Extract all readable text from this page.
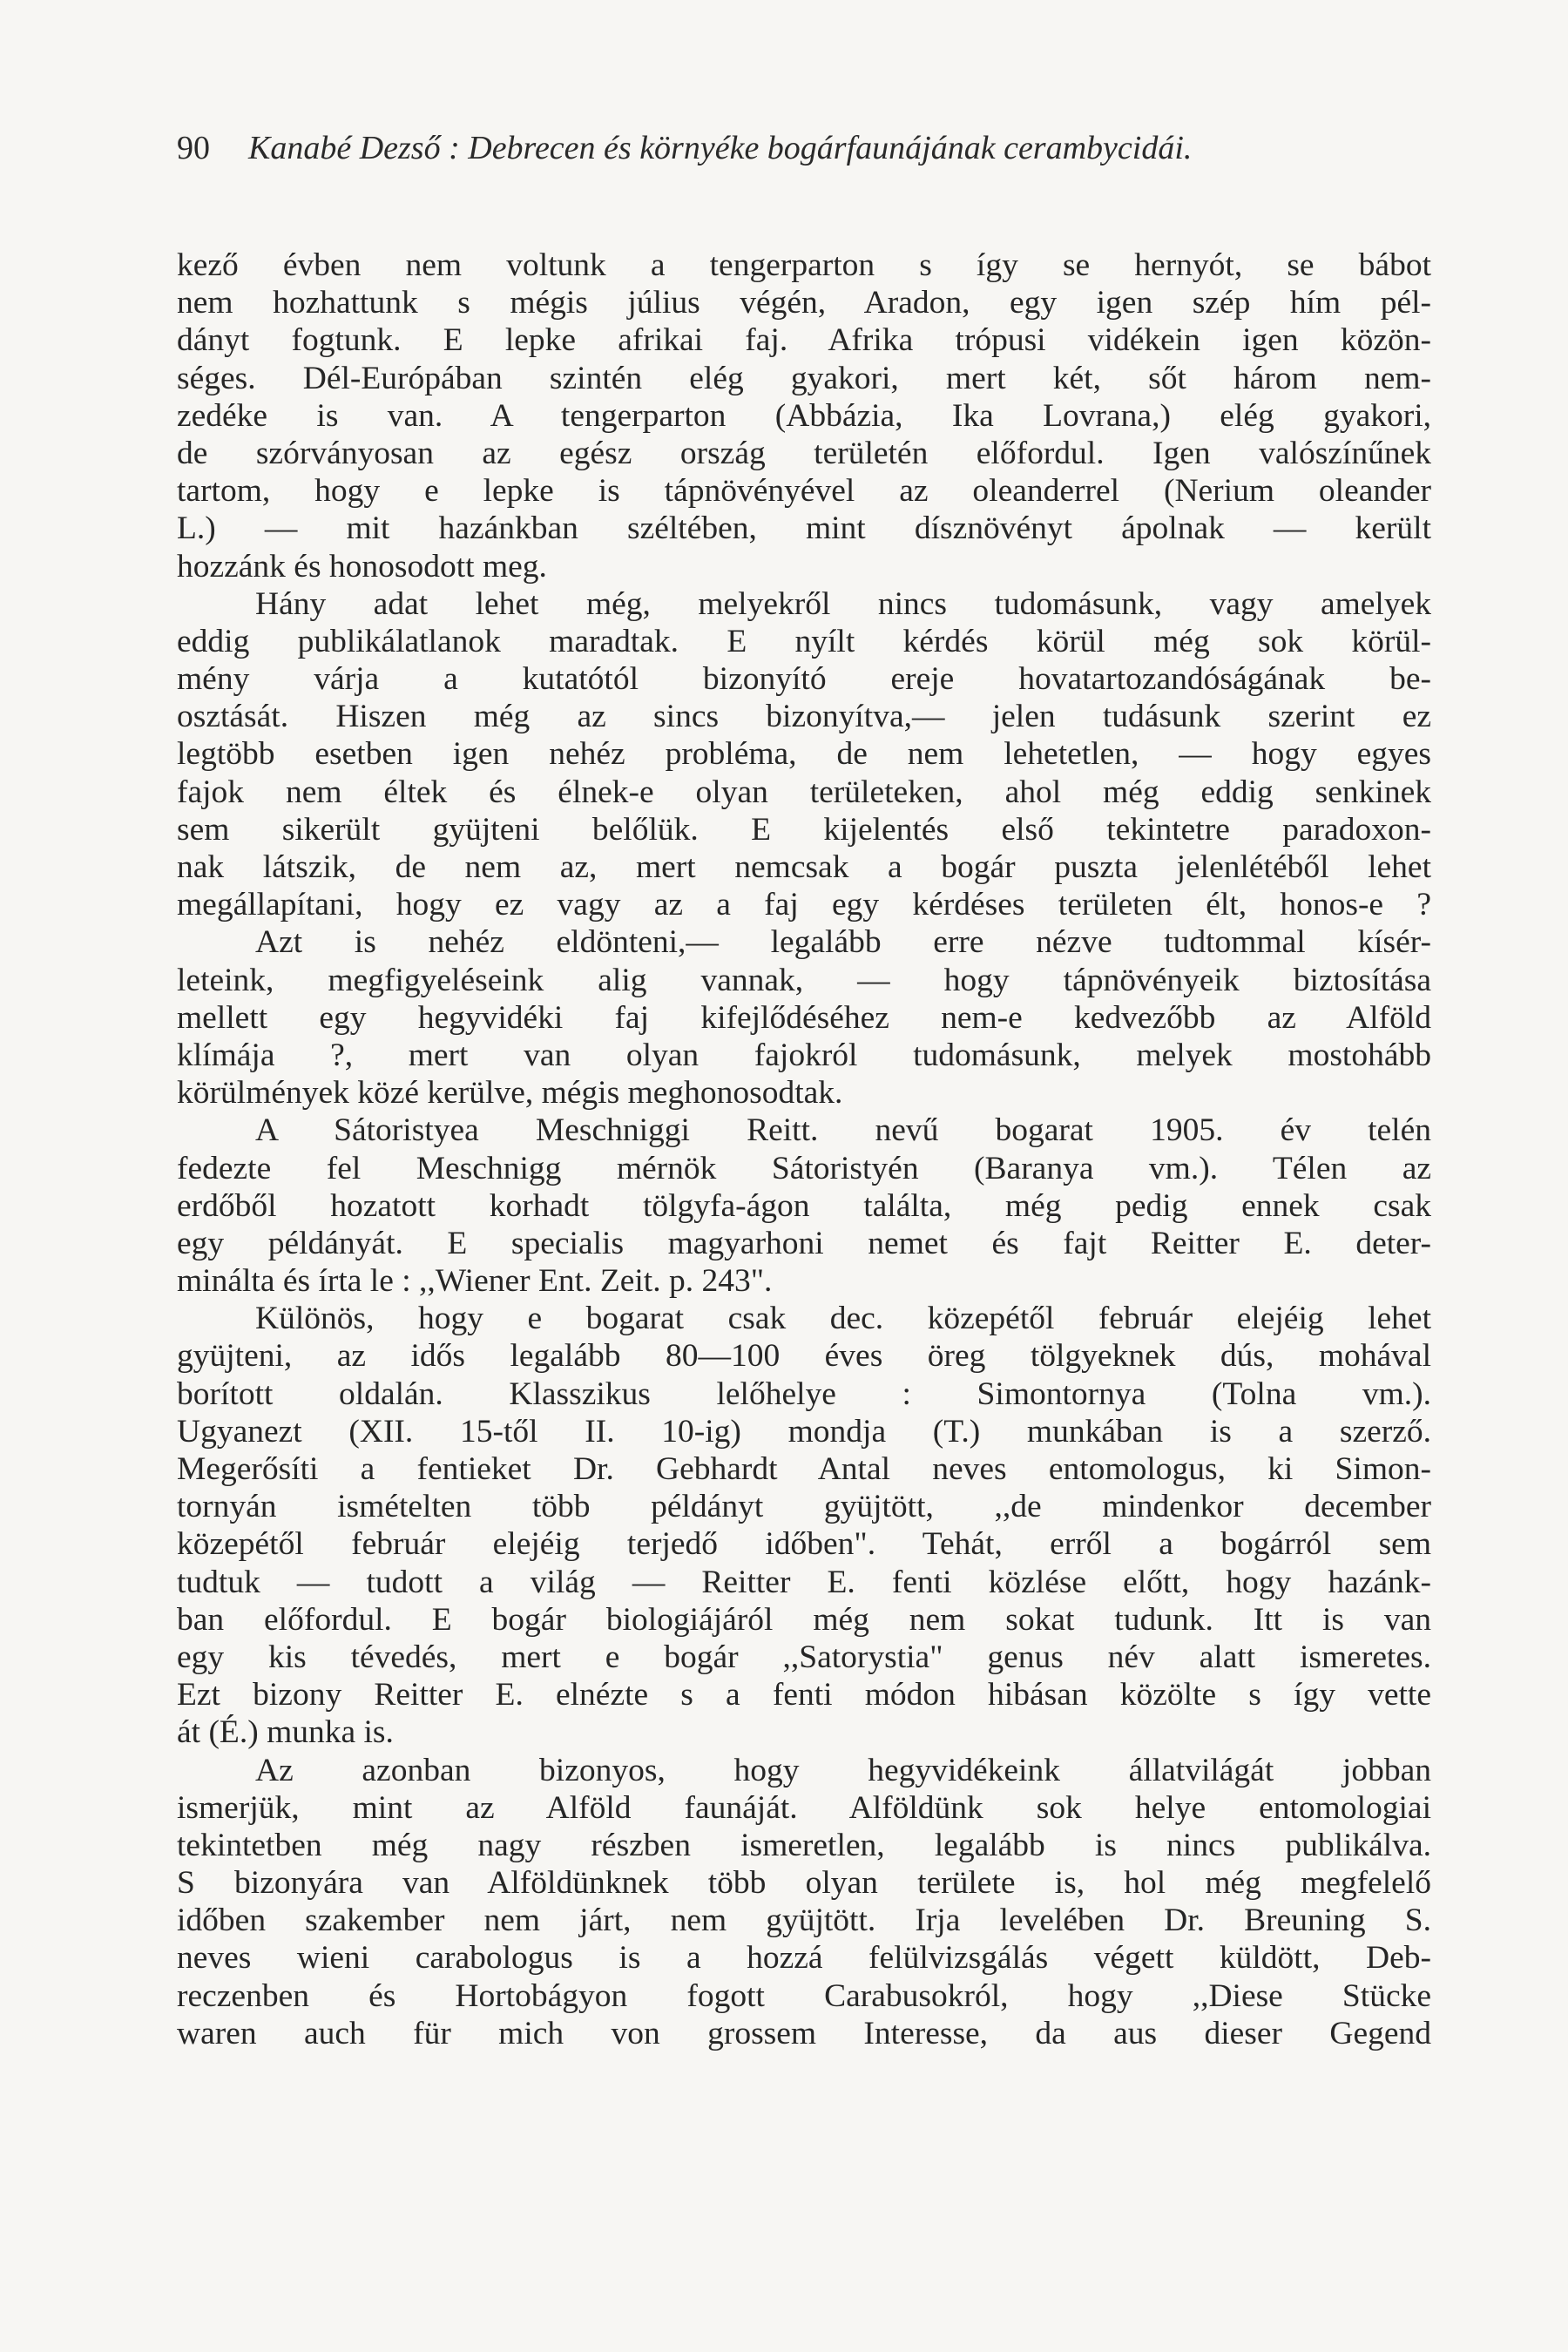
90 Kanabé Dezső : Debrecen és környéke bogárfaunájának cerambycidái.
kező évben nem voltunk a tengerparton s így se hernyót, se bábot
nem hozhattunk s mégis július végén, Aradon, egy igen szép hím pél-
dányt fogtunk. E lepke afrikai faj. Afrika trópusi vidékein igen közön-
séges. Dél-Európában szintén elég gyakori, mert két, sőt három nem-
zedéke is van. A tengerparton (Abbázia, Ika Lovrana,) elég gyakori,
de szórványosan az egész ország területén előfordul. Igen valószínűnek
tartom, hogy e lepke is tápnövényével az oleanderrel (Nerium oleander
L.) — mit hazánkban széltében, mint dísznövényt ápolnak — került
hozzánk és honosodott meg.
Hány adat lehet még, melyekről nincs tudomásunk, vagy amelyek
eddig publikálatlanok maradtak. E nyílt kérdés körül még sok körül-
mény várja a kutatótól bizonyító ereje hovatartozandóságának be-
osztását. Hiszen még az sincs bizonyítva,— jelen tudásunk szerint ez
legtöbb esetben igen nehéz probléma, de nem lehetetlen, — hogy egyes
fajok nem éltek és élnek-e olyan területeken, ahol még eddig senkinek
sem sikerült gyüjteni belőlük. E kijelentés első tekintetre paradoxon-
nak látszik, de nem az, mert nemcsak a bogár puszta jelenlétéből lehet
megállapítani, hogy ez vagy az a faj egy kérdéses területen élt, honos-e ?
Azt is nehéz eldönteni,— legalább erre nézve tudtommal kísér-
leteink, megfigyeléseink alig vannak, — hogy tápnövényeik biztosítása
mellett egy hegyvidéki faj kifejlődéséhez nem-e kedvezőbb az Alföld
klímája ?, mert van olyan fajokról tudomásunk, melyek mostohább
körülmények közé kerülve, mégis meghonosodtak.
A Sátoristyea Meschniggi Reitt. nevű bogarat 1905. év telén
fedezte fel Meschnigg mérnök Sátoristyén (Baranya vm.). Télen az
erdőből hozatott korhadt tölgyfa-ágon találta, még pedig ennek csak
egy példányát. E specialis magyarhoni nemet és fajt Reitter E. deter-
minálta és írta le : ,,Wiener Ent. Zeit. p. 243".
Különös, hogy e bogarat csak dec. közepétől február elejéig lehet
gyüjteni, az idős legalább 80—100 éves öreg tölgyeknek dús, mohával
borított oldalán. Klasszikus lelőhelye : Simontornya (Tolna vm.).
Ugyanezt (XII. 15-től II. 10-ig) mondja (T.) munkában is a szerző.
Megerősíti a fentieket Dr. Gebhardt Antal neves entomologus, ki Simon-
tornyán ismételten több példányt gyüjtött, ,,de mindenkor december
közepétől február elejéig terjedő időben". Tehát, erről a bogárról sem
tudtuk — tudott a világ — Reitter E. fenti közlése előtt, hogy hazánk-
ban előfordul. E bogár biologiájáról még nem sokat tudunk. Itt is van
egy kis tévedés, mert e bogár ,,Satorystia" genus név alatt ismeretes.
Ezt bizony Reitter E. elnézte s a fenti módon hibásan közölte s így vette
át (É.) munka is.
Az azonban bizonyos, hogy hegyvidékeink állatvilágát jobban
ismerjük, mint az Alföld faunáját. Alföldünk sok helye entomologiai
tekintetben még nagy részben ismeretlen, legalább is nincs publikálva.
S bizonyára van Alföldünknek több olyan területe is, hol még megfelelő
időben szakember nem járt, nem gyüjtött. Irja levelében Dr. Breuning S.
neves wieni carabologus is a hozzá felülvizsgálás végett küldött, Deb-
reczenben és Hortobágyon fogott Carabusokról, hogy ,,Diese Stücke
waren auch für mich von grossem Interesse, da aus dieser Gegend
